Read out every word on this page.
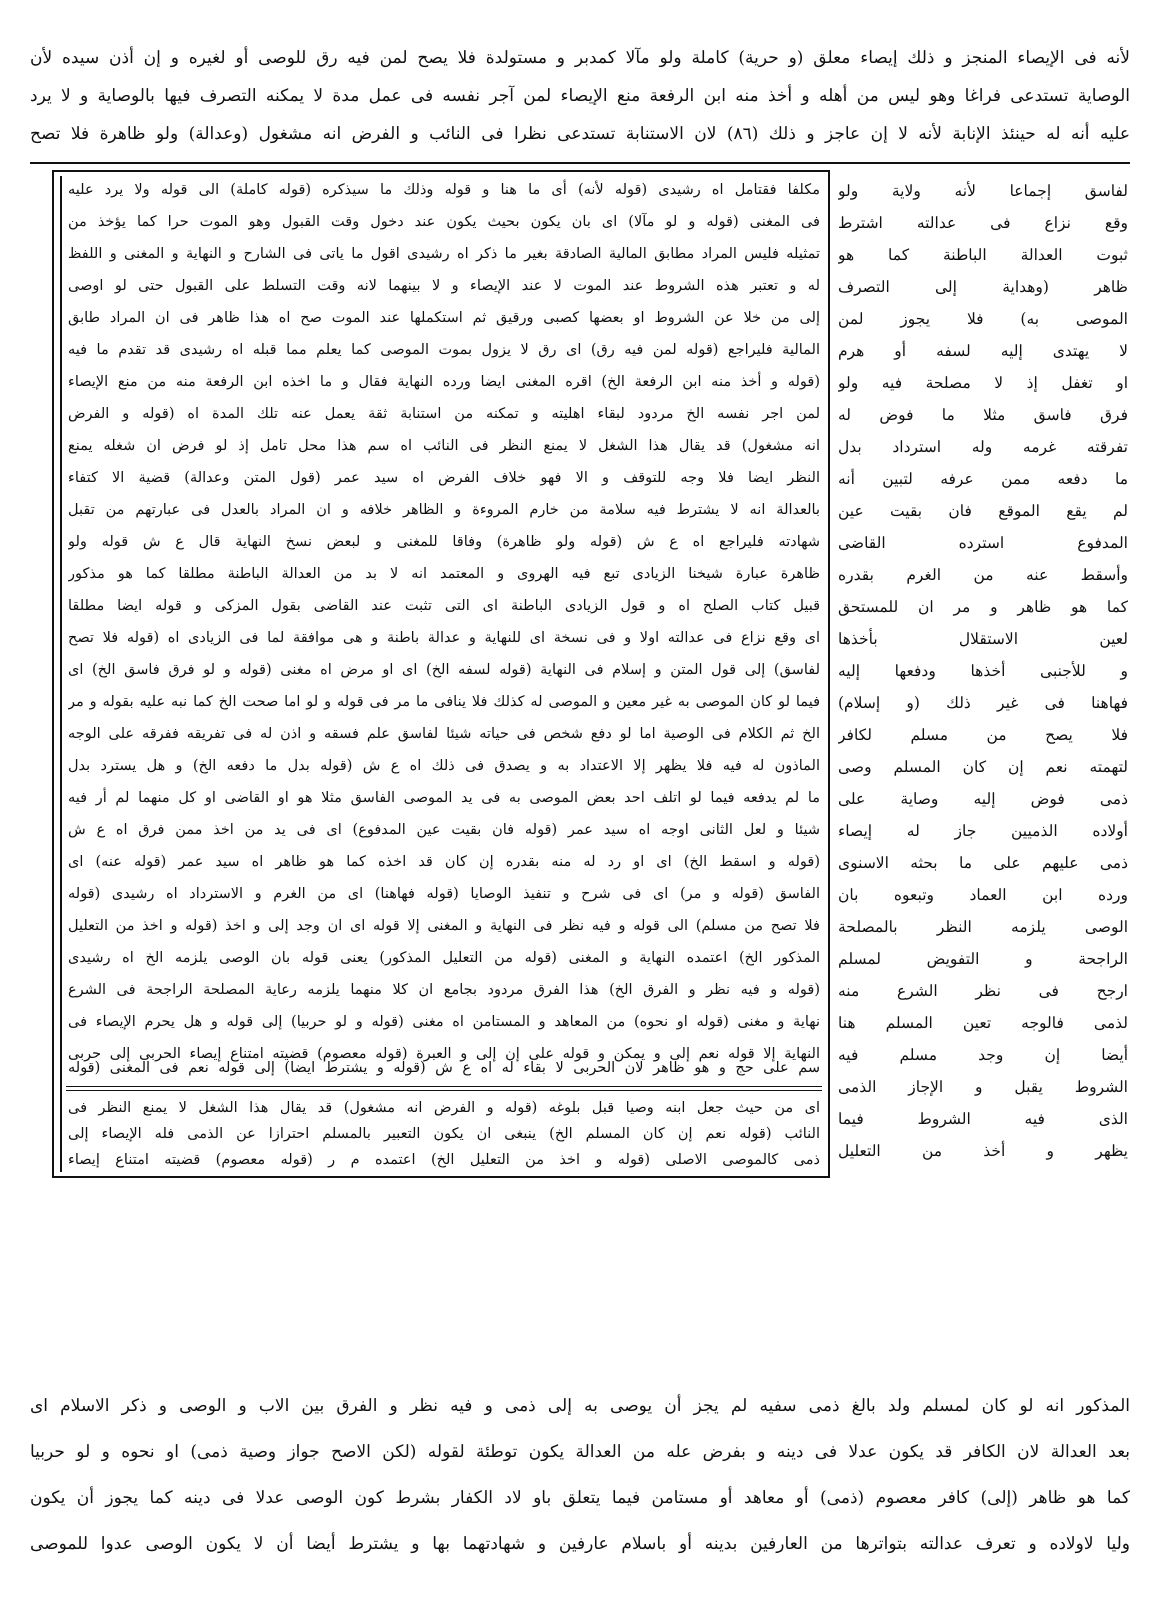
لأنه فى الإيصاء المنجز و ذلك إيصاء معلق (و حرية) كاملة ولو مآلا كمدبر و مستولدة فلا يصح لمن فيه رق للوصى أو لغيره و إن أذن سيده لأن
الوصاية تستدعى فراغا وهو ليس من أهله و أخذ منه ابن الرفعة منع الإيصاء لمن آجر نفسه فى عمل مدة لا يمكنه التصرف فيها بالوصاية و لا يرد
عليه أنه له حينئذ الإنابة لأنه لا إن عاجز و ذلك (٨٦) لان الاستنابة تستدعى نظرا فى النائب و الفرض انه مشغول (وعدالة) ولو ظاهرة فلا تصح
لفاسق إجماعا لأنه ولاية ولو
وقع نزاع فى عدالته اشترط
ثبوت العدالة الباطنة كما هو
ظاهر (وهداية إلى التصرف
الموصى به) فلا يجوز لمن
لا يهتدى إليه لسفه أو هرم
او تغفل إذ لا مصلحة فيه ولو
فرق فاسق مثلا ما فوض له
تفرقته غرمه وله استرداد بدل
ما دفعه ممن عرفه لتبين أنه
لم يقع الموقع فان بقيت عين
المدفوع استرده القاضى
وأسقط عنه من الغرم بقدره
كما هو ظاهر و مر ان للمستحق
لعين الاستقلال بأخذها
و للأجنبى أخذها ودفعها إليه
فهاهنا فى غير ذلك (و إسلام)
فلا يصح من مسلم لكافر
لتهمته نعم إن كان المسلم وصى
ذمى فوض إليه وصاية على
أولاده الذميين جاز له إيصاء
ذمى عليهم على ما بحثه الاسنوى
ورده ابن العماد وتبعوه بان
الوصى يلزمه النظر بالمصلحة
الراجحة و التفويض لمسلم
ارجح فى نظر الشرع منه
لذمى فالوجه تعين المسلم هنا
أيضا إن وجد مسلم فيه
الشروط يقبل و الإجاز الذمى
الذى فيه الشروط فيما
يظهر و أخذ من التعليل
مكلفا فقتامل اه رشيدى (قوله لأنه) أى ما هنا و قوله وذلك ما سيذكره (قوله كاملة) الى قوله ولا يرد عليه
فى المغنى (قوله و لو مآلا) اى بان يكون بحيث يكون عند دخول وقت القبول وهو الموت حرا كما يؤخذ من
تمثيله فليس المراد مطابق المالية الصادقة بغير ما ذكر اه رشيدى اقول ما ياتى فى الشارح و النهاية و المغنى و اللفظ
له و تعتبر هذه الشروط عند الموت لا عند الإيصاء و لا بينهما لانه وقت التسلط على القبول حتى لو اوصى
إلى من خلا عن الشروط او بعضها كصبى ورقيق ثم استكملها عند الموت صح اه هذا ظاهر فى ان المراد طابق
المالية فليراجع (قوله لمن فيه رق) اى رق لا يزول بموت الموصى كما يعلم مما قبله اه رشيدى قد تقدم ما فيه
(قوله و أخذ منه ابن الرفعة الخ) اقره المغنى ايضا ورده النهاية فقال و ما اخذه ابن الرفعة منه من منع الإيصاء
لمن اجر نفسه الخ مردود لبقاء اهليته و تمكنه من استنابة ثقة يعمل عنه تلك المدة اه (قوله و الفرض
انه مشغول) قد يقال هذا الشغل لا يمنع النظر فى النائب اه سم هذا محل تامل إذ لو فرض ان شغله يمنع
النظر ايضا فلا وجه للتوقف و الا فهو خلاف الفرض اه سيد عمر (قول المتن وعدالة) قضية الا كتفاء
بالعدالة انه لا يشترط فيه سلامة من خارم المروءة و الظاهر خلافه و ان المراد بالعدل فى عبارتهم من تقبل
شهادته فليراجع اه ع ش (قوله ولو ظاهرة) وفاقا للمغنى و لبعض نسخ النهاية قال ع ش قوله ولو
ظاهرة عبارة شيخنا الزيادى تبع فيه الهروى و المعتمد انه لا بد من العدالة الباطنة مطلقا كما هو مذكور
قبيل كتاب الصلح اه و قول الزيادى الباطنة اى التى تثبت عند القاضى بقول المزكى و قوله ايضا مطلقا
اى وقع نزاع فى عدالته اولا و فى نسخة اى للنهاية و عدالة باطنة و هى موافقة لما فى الزيادى اه (قوله فلا تصح
لفاسق) إلى قول المتن و إسلام فى النهاية (قوله لسفه الخ) اى او مرض اه مغنى (قوله و لو فرق فاسق الخ) اى
فيما لو كان الموصى به غير معين و الموصى له كذلك فلا ينافى ما مر فى قوله و لو اما صحت الخ كما نبه عليه بقوله و مر
الخ ثم الكلام فى الوصية اما لو دفع شخص فى حياته شيئا لفاسق علم فسقه و اذن له فى تفريقه ففرقه على الوجه
الماذون له فيه فلا يظهر إلا الاعتداد به و يصدق فى ذلك اه ع ش (قوله بدل ما دفعه الخ) و هل يسترد بدل
ما لم يدفعه فيما لو اتلف احد بعض الموصى به فى يد الموصى الفاسق مثلا هو او القاضى او كل منهما لم أر فيه
شيئا و لعل الثانى اوجه اه سيد عمر (قوله فان بقيت عين المدفوع) اى فى يد من اخذ ممن فرق اه ع ش
(قوله و اسقط الخ) اى او رد له منه بقدره إن كان قد اخذه كما هو ظاهر اه سيد عمر (قوله عنه) اى
الفاسق (قوله و مر) اى فى شرح و تنفيذ الوصايا (قوله فهاهنا) اى من الغرم و الاسترداد اه رشيدى (قوله
فلا تصح من مسلم) الى قوله و فيه نظر فى النهاية و المغنى إلا قوله اى ان وجد إلى و اخذ (قوله و اخذ من التعليل
المذكور الخ) اعتمده النهاية و المغنى (قوله من التعليل المذكور) يعنى قوله بان الوصى يلزمه الخ اه رشيدى
(قوله و فيه نظر و الفرق الخ) هذا الفرق مردود بجامع ان كلا منهما يلزمه رعاية المصلحة الراجحة فى الشرع
نهاية و مغنى (قوله او نحوه) من المعاهد و المستامن اه مغنى (قوله و لو حربيا) إلى قوله و هل يحرم الإيصاء فى
النهاية إلا قوله نعم إلى و يمكن و قوله على إن إلى و العبرة (قوله معصوم) قضيته امتناع إيصاء الحربى إلى حربى
سم على حج و هو ظاهر لان الحربى لا بقاء له اه ع ش (قوله و يشترط ايضا) إلى قوله نعم فى المغنى (قوله
اى من حيث جعل ابنه وصيا قبل بلوغه (قوله و الفرض انه مشغول) قد يقال هذا الشغل لا يمنع النظر فى
النائب (قوله نعم إن كان المسلم الخ) ينبغى ان يكون التعبير بالمسلم احترازا عن الذمى فله الإيصاء إلى
ذمى كالموصى الاصلى (قوله و اخذ من التعليل الخ) اعتمده م ر (قوله معصوم) قضيته امتناع إيصاء
المذكور انه لو كان لمسلم ولد بالغ ذمى سفيه لم يجز أن يوصى به إلى ذمى و فيه نظر و الفرق بين الاب و الوصى و ذكر الاسلام اى
بعد العدالة لان الكافر قد يكون عدلا فى دينه و بفرض عله من العدالة يكون توطئة لقوله (لكن الاصح جواز وصية ذمى) او نحوه و لو حربيا
كما هو ظاهر (إلى) كافر معصوم (ذمى) أو معاهد أو مستامن فيما يتعلق باو لاد الكفار بشرط كون الوصى عدلا فى دينه كما يجوز أن يكون
وليا لاولاده و تعرف عدالته بتواترها من العارفين بدينه أو باسلام عارفين و شهادتهما بها و يشترط أيضا أن لا يكون الوصى عدوا للموصى
